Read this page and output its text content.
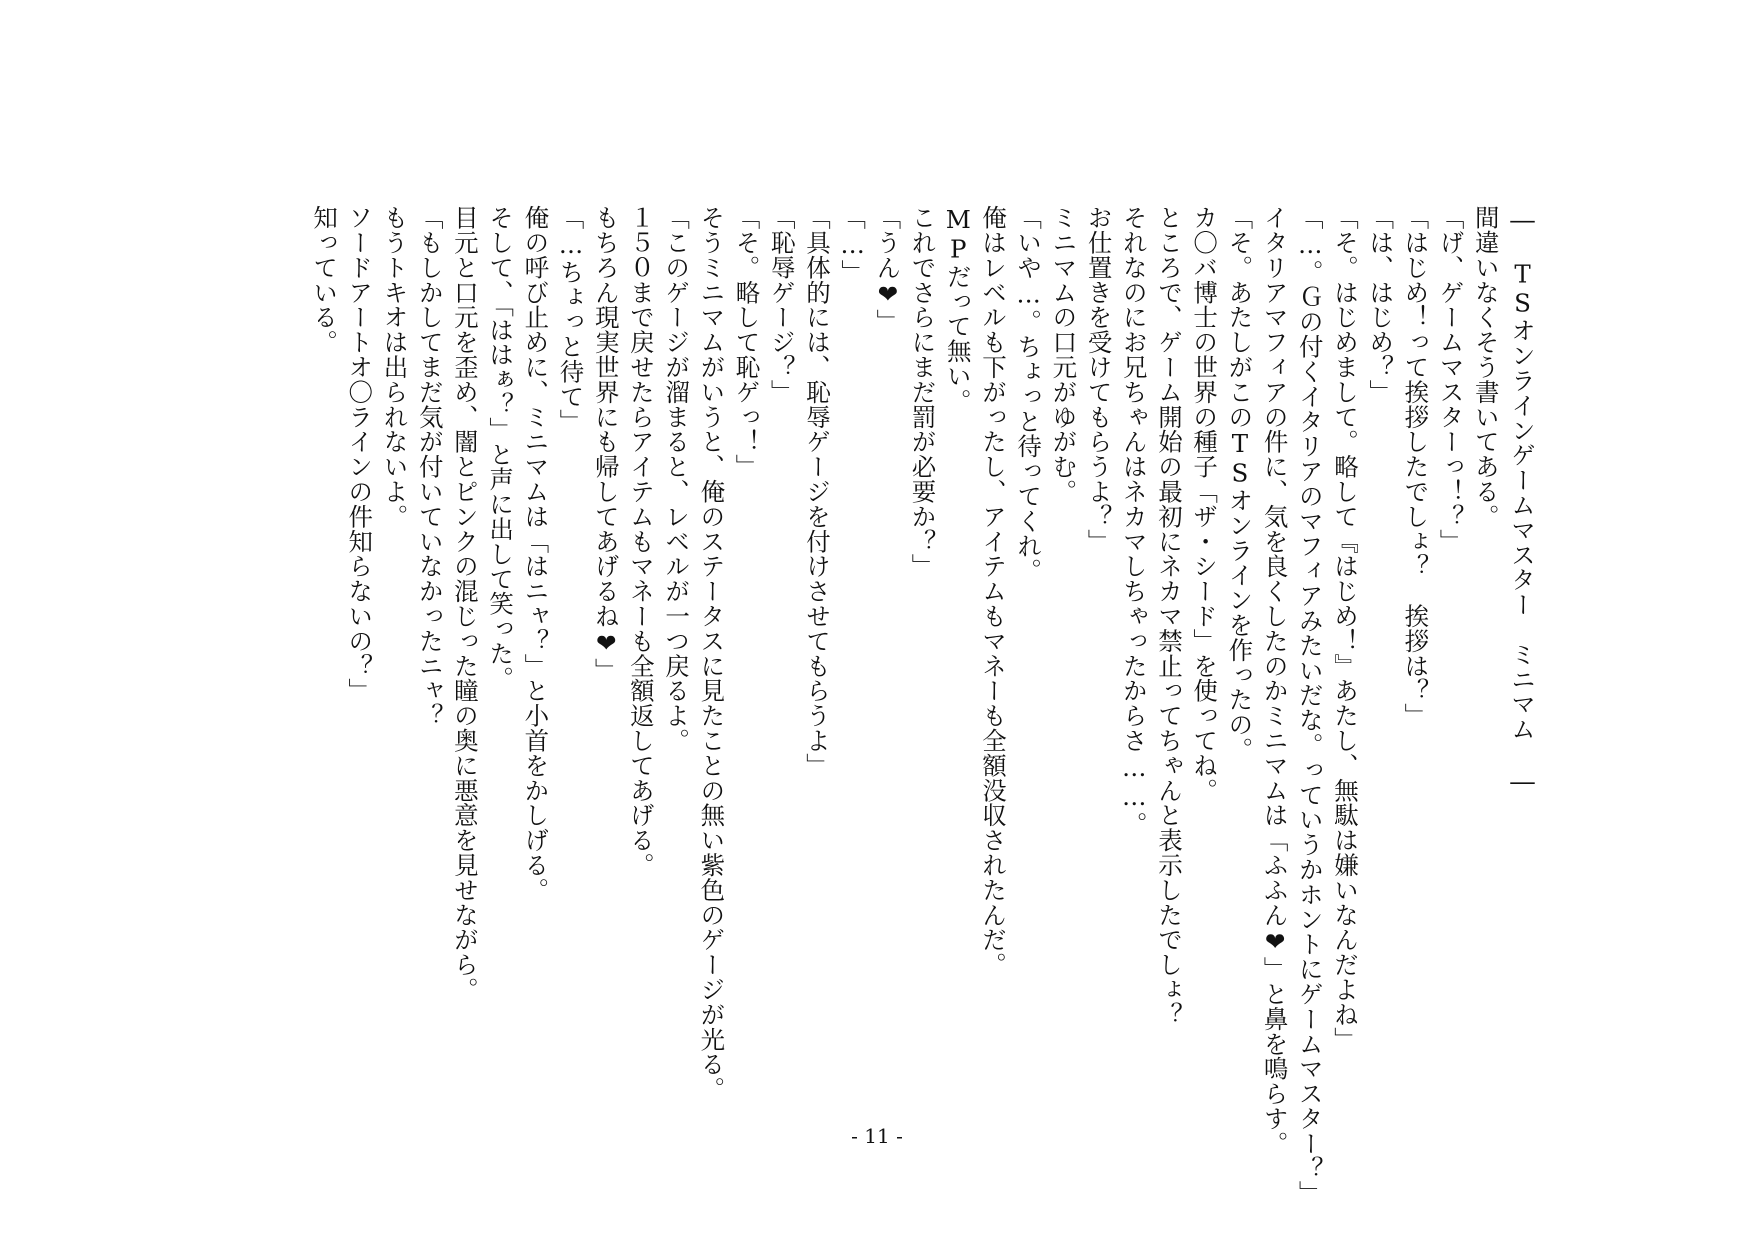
―　TSオンラインゲームマスター　ミニマム　―
間違いなくそう書いてある。
「げ、ゲームマスターっ！？」
「はじめ！って挨拶したでしょ？　挨拶は？」
「は、はじめ？」
「そ。はじめまして。略して『はじめ！』あたし、無駄は嫌いなんだよね」
「…。Ｇの付くイタリアのマフィアみたいだな。っていうかホントにゲームマスター？」
イタリアマフィアの件に、気を良くしたのかミニマムは「ふふん❤」と鼻を鳴らす。
「そ。あたしがこのTSオンラインを作ったの。
カ〇バ博士の世界の種子「ザ・シード」を使ってね。
ところで、ゲーム開始の最初にネカマ禁止ってちゃんと表示したでしょ？
それなのにお兄ちゃんはネカマしちゃったからさ……。
お仕置きを受けてもらうよ？」
ミニマムの口元がゆがむ。
「いや…。ちょっと待ってくれ。
俺はレベルも下がったし、アイテムもマネーも全額没収されたんだ。
MPだって無い。
これでさらにまだ罰が必要か？」
「うん❤」
「…」
「具体的には、恥辱ゲージを付けさせてもらうよ」
「恥辱ゲージ？」
「そ。略して恥ゲっ！」
そうミニマムがいうと、俺のステータスに見たことの無い紫色のゲージが光る。
「このゲージが溜まると、レベルが一つ戻るよ。
１５０まで戻せたらアイテムもマネーも全額返してあげる。
もちろん現実世界にも帰してあげるね❤」
「…ちょっと待て」
俺の呼び止めに、ミニマムは「はニャ？」と小首をかしげる。
そして、「ははぁ？」と声に出して笑った。
目元と口元を歪め、闇とピンクの混じった瞳の奥に悪意を見せながら。
「もしかしてまだ気が付いていなかったニャ？
もうトキオは出られないよ。
ソードアートオ〇ラインの件知らないの？」
知っている。
- 11 -
